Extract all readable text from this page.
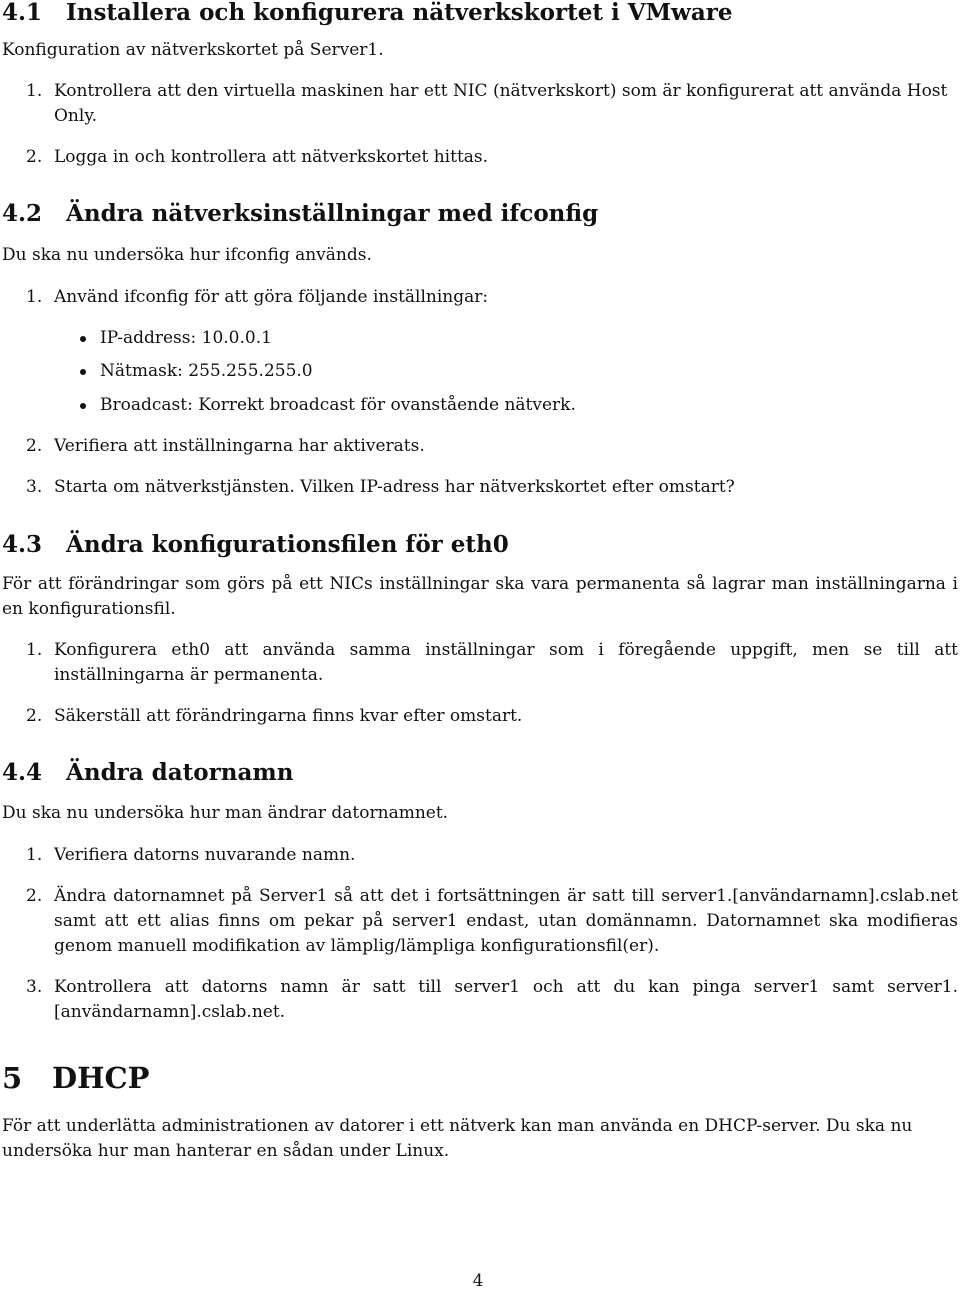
4.1 Installera och konfigurera nätverkskortet i VMware

Konfiguration av nätverkskortet på Server1.

1. Kontrollera att den virtuella maskinen har ett NIC (nätverkskort) som är konfigurerat att använda Host Only.
2. Logga in och kontrollera att nätverkskortet hittas.
4.2 Ändra nätverksinställningar med ifconfig

Du ska nu undersöka hur ifconfig används.

1. Använd ifconfig för att göra följande inställningar:
IP-address: 10.0.0.1
Nätmask: 255.255.255.0
Broadcast: Korrekt broadcast för ovanstående nätverk.
2. Verifiera att inställningarna har aktiverats.
3. Starta om nätverkstjänsten. Vilken IP-adress har nätverkskortet efter omstart?
4.3 Ändra konfigurationsfilen för eth0

För att förändringar som görs på ett NICs inställningar ska vara permanenta så lagrar man inställningarna i en konfigurationsfil.

1. Konfigurera eth0 att använda samma inställningar som i föregående uppgift, men se till att inställningarna är permanenta.
2. Säkerställ att förändringarna finns kvar efter omstart.
4.4 Ändra datornamn

Du ska nu undersöka hur man ändrar datornamnet.

1. Verifiera datorns nuvarande namn.
2. Ändra datornamnet på Server1 så att det i fortsättningen är satt till server1.[användarnamn].cslab.net samt att ett alias finns om pekar på server1 endast, utan domännamn. Datornamnet ska modifieras genom manuell modifikation av lämplig/lämpliga konfigurationsfil(er).
3. Kontrollera att datorns namn är satt till server1 och att du kan pinga server1 samt server1.[användarnamn].cslab.net.
5 DHCP

För att underlätta administrationen av datorer i ett nätverk kan man använda en DHCP-server. Du ska nu undersöka hur man hanterar en sådan under Linux.

4
